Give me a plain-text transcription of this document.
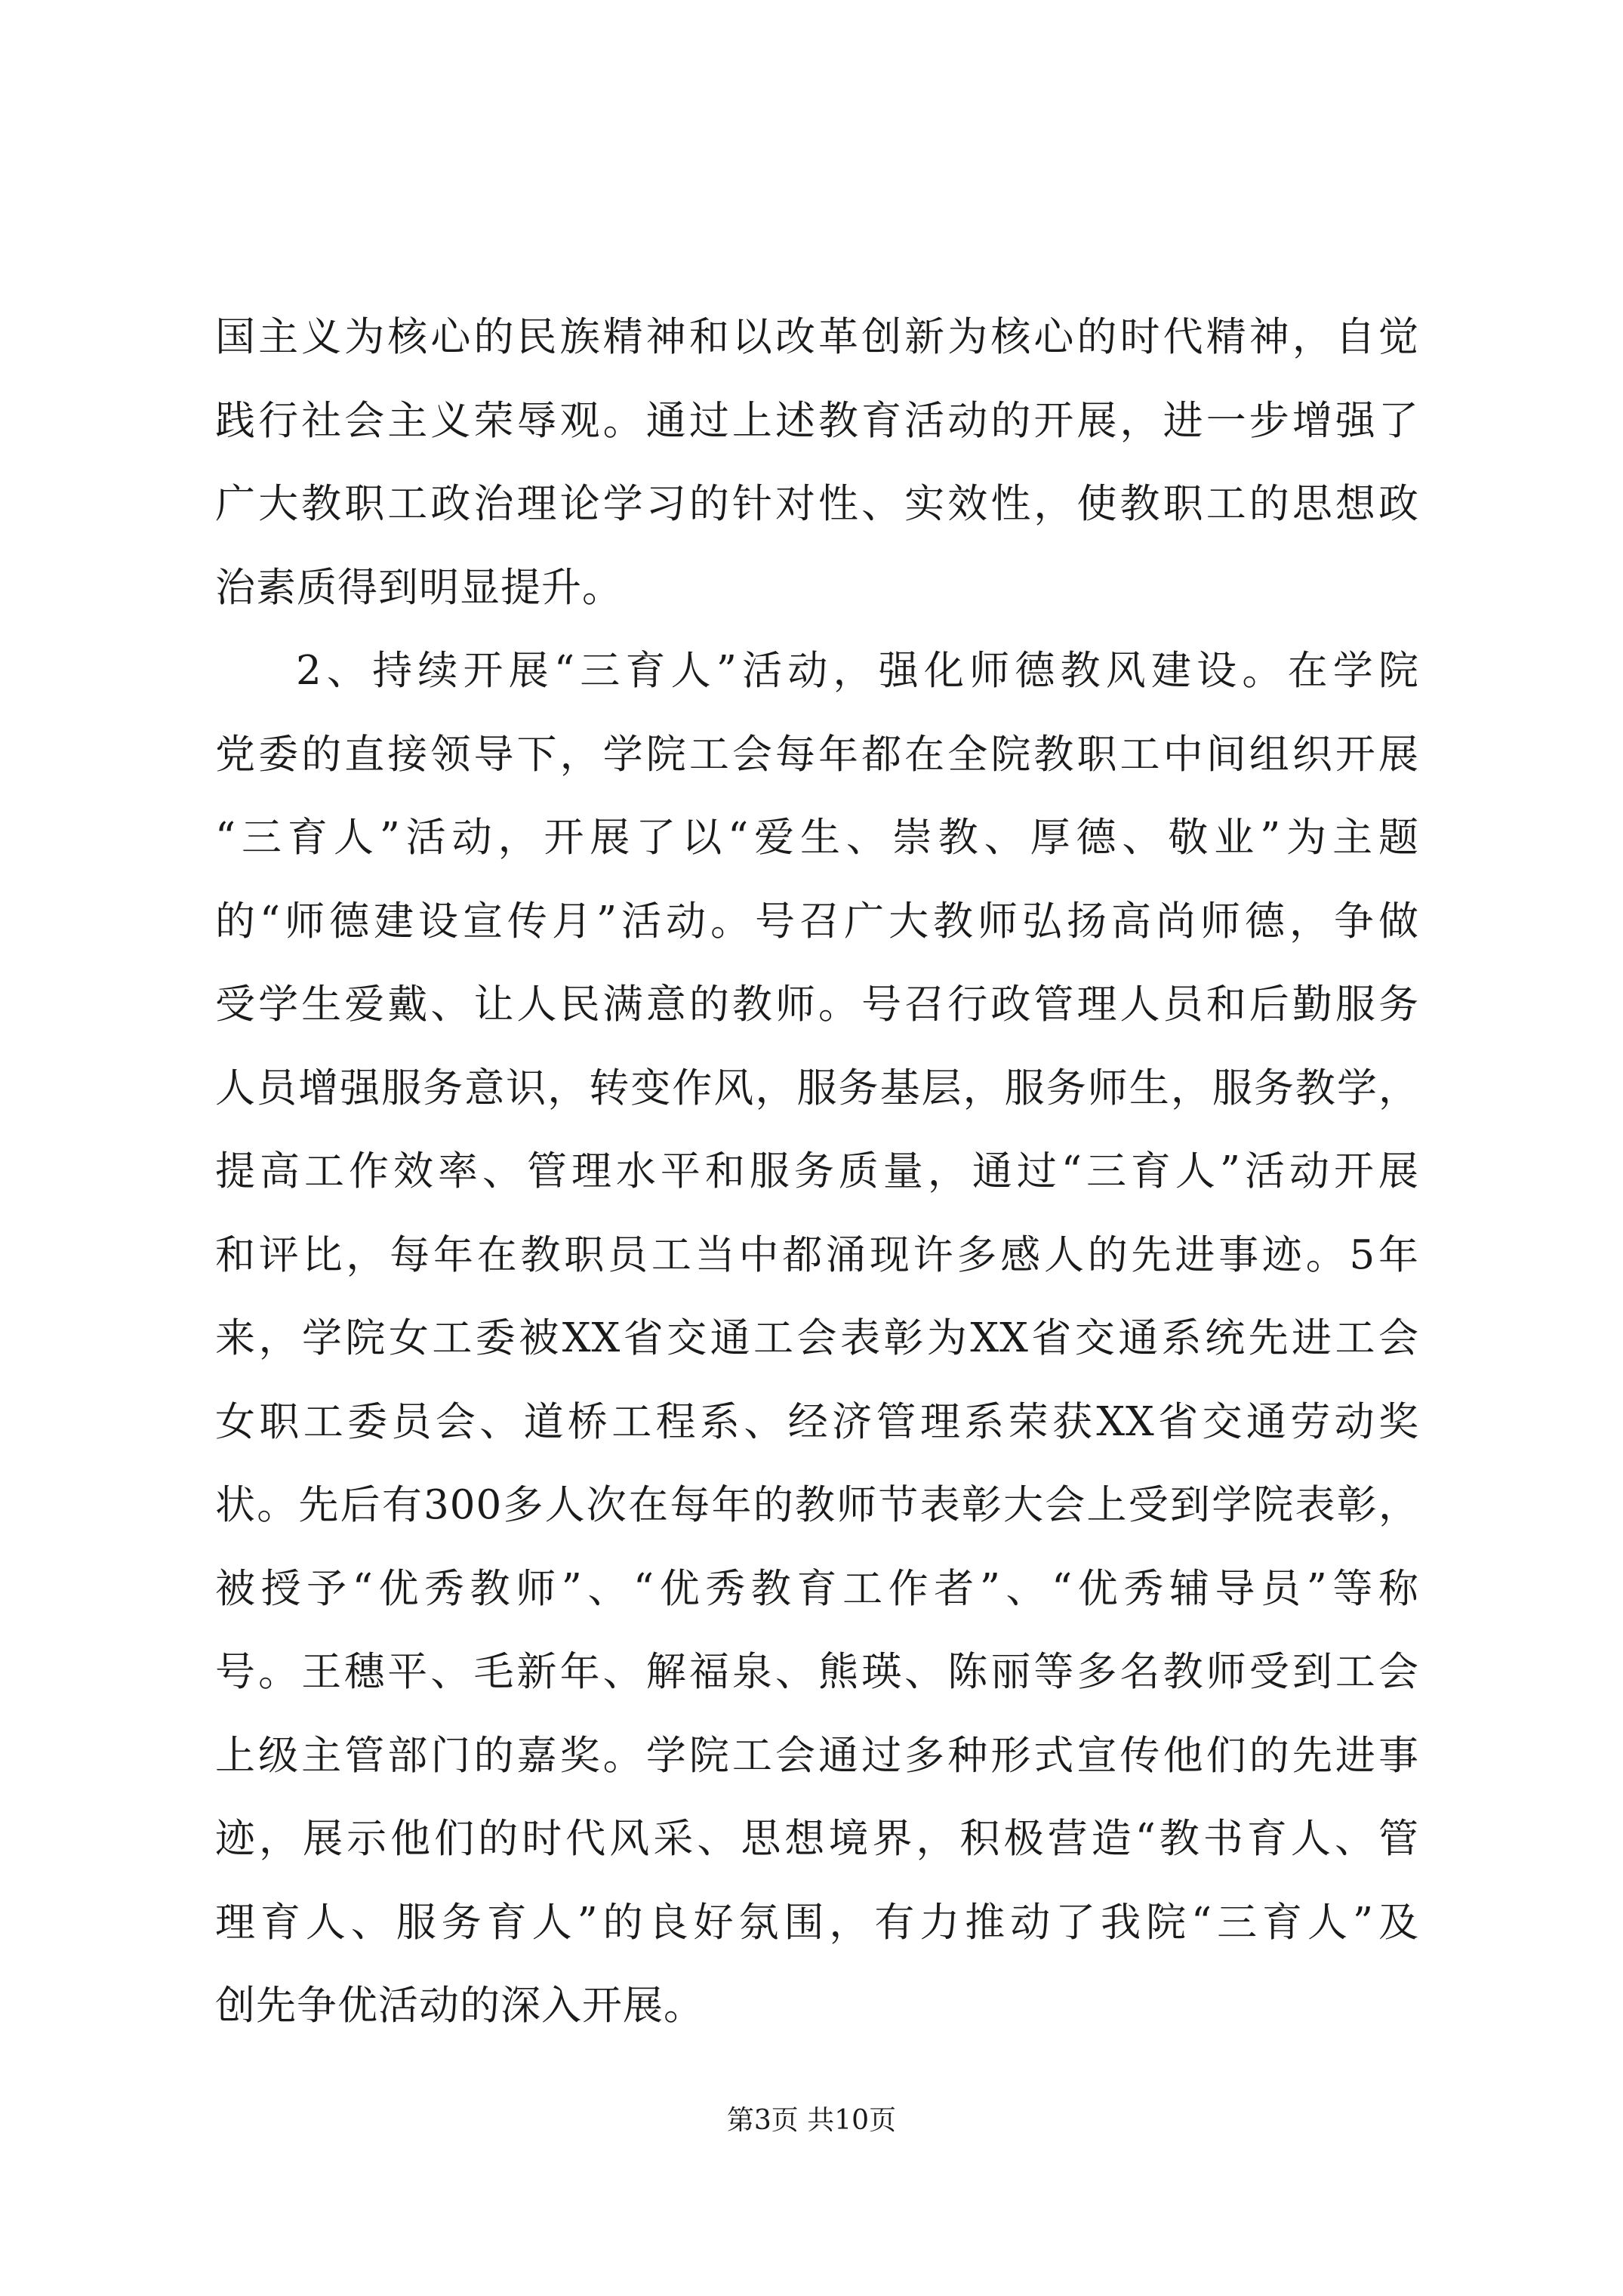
国主义为核心的民族精神和以改革创新为核心的时代精神，自觉
践行社会主义荣辱观。通过上述教育活动的开展，进一步增强了
广大教职工政治理论学习的针对性、实效性，使教职工的思想政
治素质得到明显提升。
2、持续开展“三育人”活动，强化师德教风建设。在学院
党委的直接领导下，学院工会每年都在全院教职工中间组织开展
“三育人”活动，开展了以“爱生、崇教、厚德、敬业”为主题
的“师德建设宣传月”活动。号召广大教师弘扬高尚师德，争做
受学生爱戴、让人民满意的教师。号召行政管理人员和后勤服务
人员增强服务意识，转变作风，服务基层，服务师生，服务教学，
提高工作效率、管理水平和服务质量，通过“三育人”活动开展
和评比，每年在教职员工当中都涌现许多感人的先进事迹。5年
来，学院女工委被XX省交通工会表彰为XX省交通系统先进工会
女职工委员会、道桥工程系、经济管理系荣获XX省交通劳动奖
状。先后有300多人次在每年的教师节表彰大会上受到学院表彰，
被授予“优秀教师”、“优秀教育工作者”、“优秀辅导员”等称
号。王穗平、毛新年、解福泉、熊瑛、陈丽等多名教师受到工会
上级主管部门的嘉奖。学院工会通过多种形式宣传他们的先进事
迹，展示他们的时代风采、思想境界，积极营造“教书育人、管
理育人、服务育人”的良好氛围，有力推动了我院“三育人”及
创先争优活动的深入开展。
第3页 共10页
